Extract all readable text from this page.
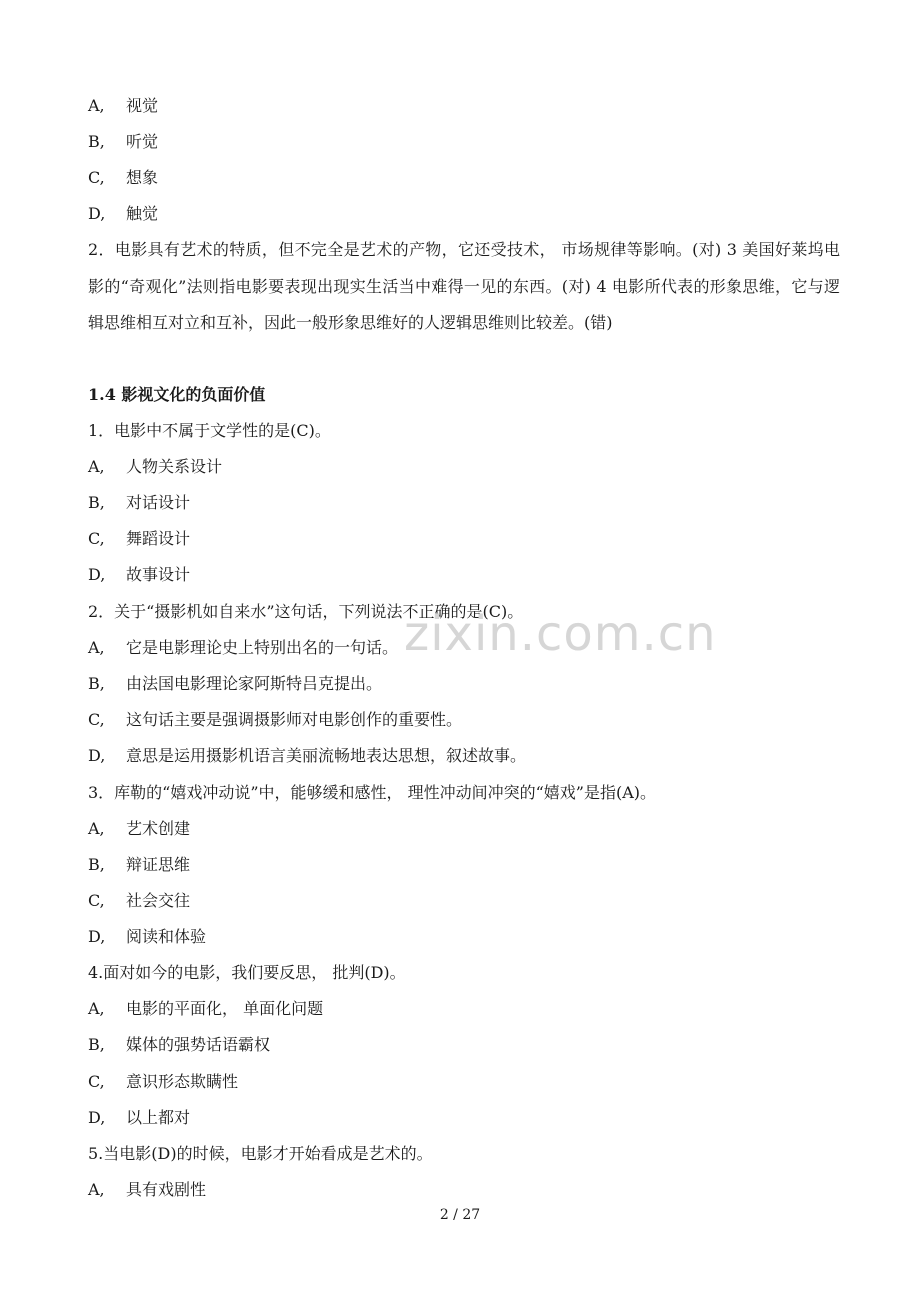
A, 视觉
B, 听觉
C, 想象
D, 触觉
2．电影具有艺术的特质，但不完全是艺术的产物，它还受技术， 市场规律等影响。(对) 3 美国好莱坞电影的“奇观化”法则指电影要表现出现实生活当中难得一见的东西。(对) 4 电影所代表的形象思维，它与逻辑思维相互对立和互补，因此一般形象思维好的人逻辑思维则比较差。(错)
1.4 影视文化的负面价值
1．电影中不属于文学性的是(C)。
A, 人物关系设计
B, 对话设计
C, 舞蹈设计
D, 故事设计
2．关于“摄影机如自来水”这句话，下列说法不正确的是(C)。
A, 它是电影理论史上特别出名的一句话。
B, 由法国电影理论家阿斯特吕克提出。
C, 这句话主要是强调摄影师对电影创作的重要性。
D, 意思是运用摄影机语言美丽流畅地表达思想，叙述故事。
3．库勒的“嬉戏冲动说”中，能够缓和感性， 理性冲动间冲突的“嬉戏”是指(A)。
A, 艺术创建
B, 辩证思维
C, 社会交往
D, 阅读和体验
4.面对如今的电影，我们要反思， 批判(D)。
A, 电影的平面化， 单面化问题
B, 媒体的强势话语霸权
C, 意识形态欺瞒性
D, 以上都对
5.当电影(D)的时候，电影才开始看成是艺术的。
A, 具有戏剧性
zixin.com.cn
2 / 27
